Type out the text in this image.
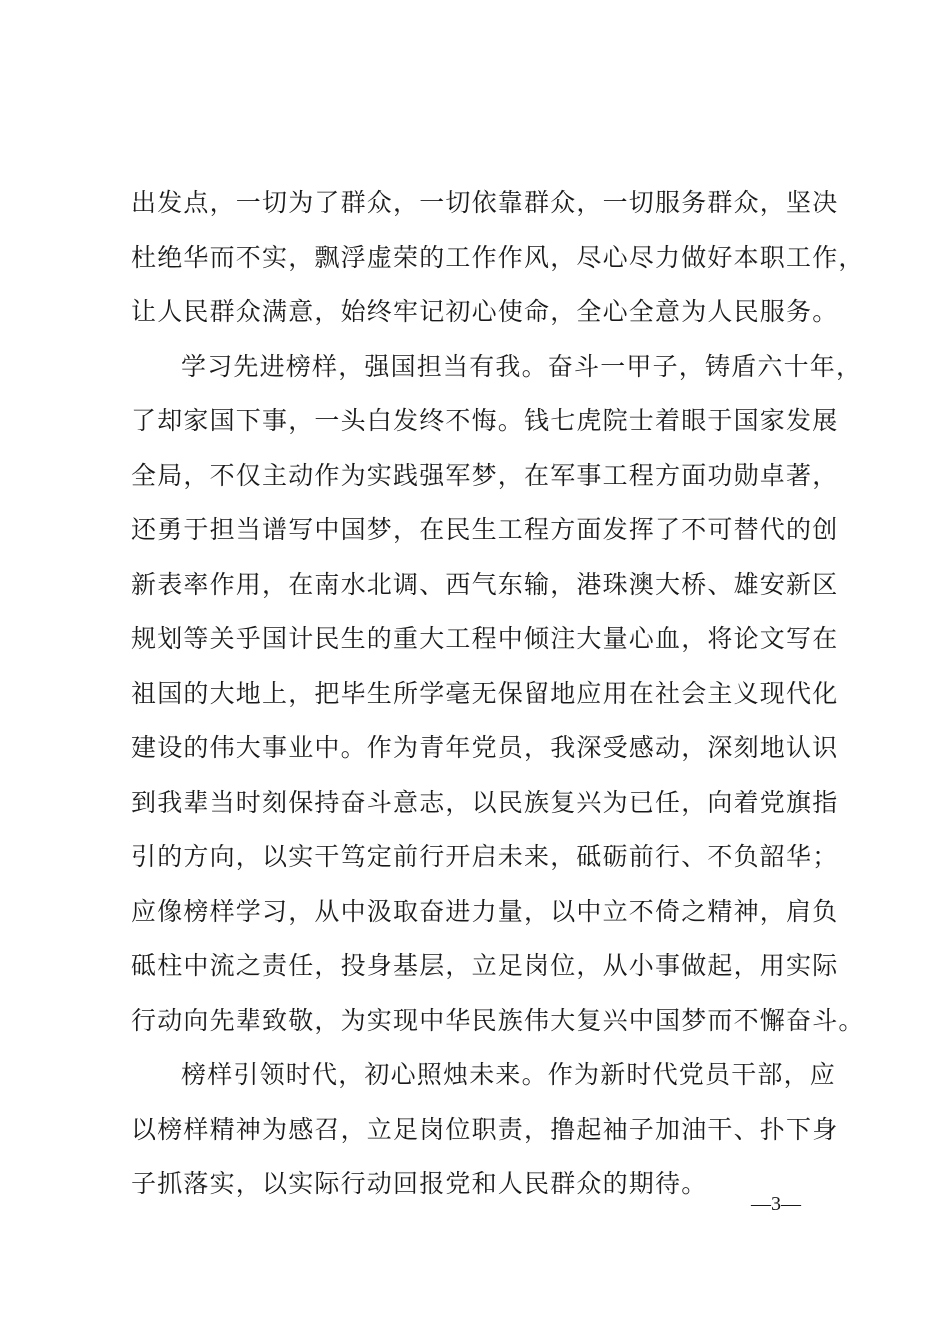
出发点，一切为了群众，一切依靠群众，一切服务群众，坚决
杜绝华而不实，飘浮虚荣的工作作风，尽心尽力做好本职工作，
让人民群众满意，始终牢记初心使命，全心全意为人民服务。
学习先进榜样，强国担当有我。奋斗一甲子，铸盾六十年，
了却家国下事，一头白发终不悔。钱七虎院士着眼于国家发展
全局，不仅主动作为实践强军梦，在军事工程方面功勋卓著，
还勇于担当谱写中国梦，在民生工程方面发挥了不可替代的创
新表率作用，在南水北调、西气东输，港珠澳大桥、雄安新区
规划等关乎国计民生的重大工程中倾注大量心血，将论文写在
祖国的大地上，把毕生所学毫无保留地应用在社会主义现代化
建设的伟大事业中。作为青年党员，我深受感动，深刻地认识
到我辈当时刻保持奋斗意志，以民族复兴为已任，向着党旗指
引的方向，以实干笃定前行开启未来，砥砺前行、不负韶华；
应像榜样学习，从中汲取奋进力量，以中立不倚之精神，肩负
砥柱中流之责任，投身基层，立足岗位，从小事做起，用实际
行动向先辈致敬，为实现中华民族伟大复兴中国梦而不懈奋斗。
榜样引领时代，初心照烛未来。作为新时代党员干部，应
以榜样精神为感召，立足岗位职责，撸起袖子加油干、扑下身
子抓落实，以实际行动回报党和人民群众的期待。
—3—
